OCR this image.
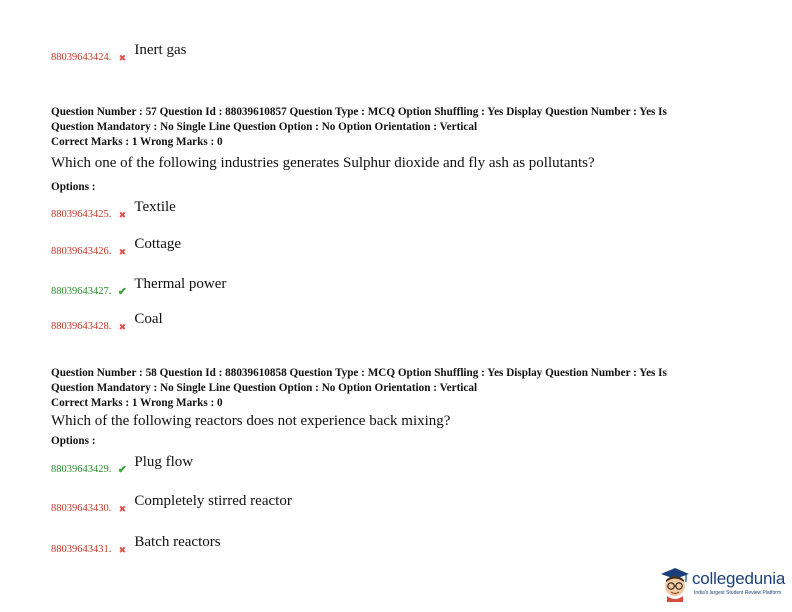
88039643424. ✖ Inert gas
Question Number : 57 Question Id : 88039610857 Question Type : MCQ Option Shuffling : Yes Display Question Number : Yes Is
Question Mandatory : No Single Line Question Option : No Option Orientation : Vertical
Correct Marks : 1 Wrong Marks : 0
Which one of the following industries generates Sulphur dioxide and fly ash as pollutants?
Options :
88039643425. ✖ Textile
88039643426. ✖ Cottage
88039643427. ✔ Thermal power
88039643428. ✖ Coal
Question Number : 58 Question Id : 88039610858 Question Type : MCQ Option Shuffling : Yes Display Question Number : Yes Is
Question Mandatory : No Single Line Question Option : No Option Orientation : Vertical
Correct Marks : 1 Wrong Marks : 0
Which of the following reactors does not experience back mixing?
Options :
88039643429. ✔ Plug flow
88039643430. ✖ Completely stirred reactor
88039643431. ✖ Batch reactors
collegedunia
India's largest Student Review Platform
